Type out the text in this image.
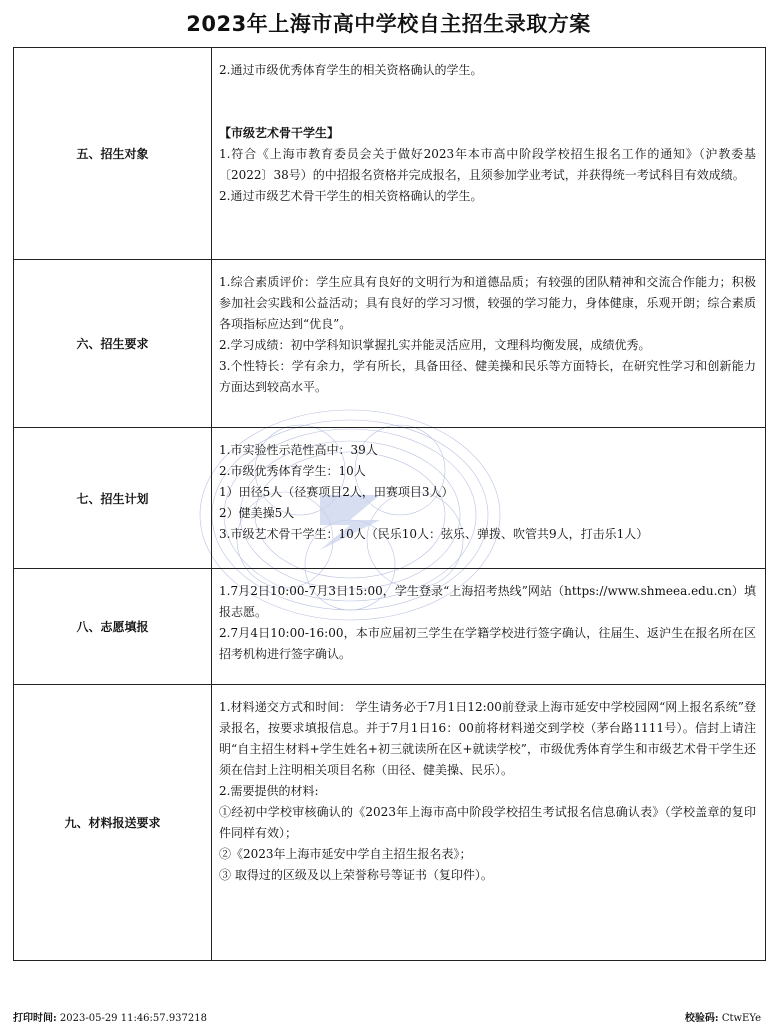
2023年上海市高中学校自主招生录取方案
五、招生对象	2.通过市级优秀体育学生的相关资格确认的学生。

【市级艺术骨干学生】

1.符合《上海市教育委员会关于做好2023年本市高中阶段学校招生报名工作的通知》（沪教委基〔2022〕38号）的中招报名资格并完成报名，且须参加学业考试，并获得统一考试科目有效成绩。

2.通过市级艺术骨干学生的相关资格确认的学生。

六、招生要求	1.综合素质评价：学生应具有良好的文明行为和道德品质；有较强的团队精神和交流合作能力；积极参加社会实践和公益活动；具有良好的学习习惯，较强的学习能力，身体健康，乐观开朗；综合素质各项指标应达到“优良”。

2.学习成绩：初中学科知识掌握扎实并能灵活应用，文理科均衡发展，成绩优秀。

3.个性特长：学有余力，学有所长，具备田径、健美操和民乐等方面特长，在研究性学习和创新能力方面达到较高水平。

七、招生计划	1.市实验性示范性高中：39人

2.市级优秀体育学生：10人

1）田径5人（径赛项目2人，田赛项目3人）

2）健美操5人

3.市级艺术骨干学生：10人（民乐10人：弦乐、弹拨、吹管共9人，打击乐1人）

八、志愿填报	1.7月2日10:00-7月3日15:00，学生登录“上海招考热线”网站（https://www.shmeea.edu.cn）填报志愿。

2.7月4日10:00-16:00，本市应届初三学生在学籍学校进行签字确认，往届生、返沪生在报名所在区招考机构进行签字确认。

九、材料报送要求	1.材料递交方式和时间： 学生请务必于7月1日12:00前登录上海市延安中学校园网“网上报名系统”登录报名，按要求填报信息。并于7月1日16：00前将材料递交到学校（茅台路1111号）。信封上请注明“自主招生材料+学生姓名+初三就读所在区+就读学校”，市级优秀体育学生和市级艺术骨干学生还须在信封上注明相关项目名称（田径、健美操、民乐）。

2.需要提供的材料:

①经初中学校审核确认的《2023年上海市高中阶段学校招生考试报名信息确认表》（学校盖章的复印件同样有效）；

②《2023年上海市延安中学自主招生报名表》；

③ 取得过的区级及以上荣誉称号等证书（复印件）。

打印时间: 2023-05-29 11:46:57.937218	校验码: CtwEYe
